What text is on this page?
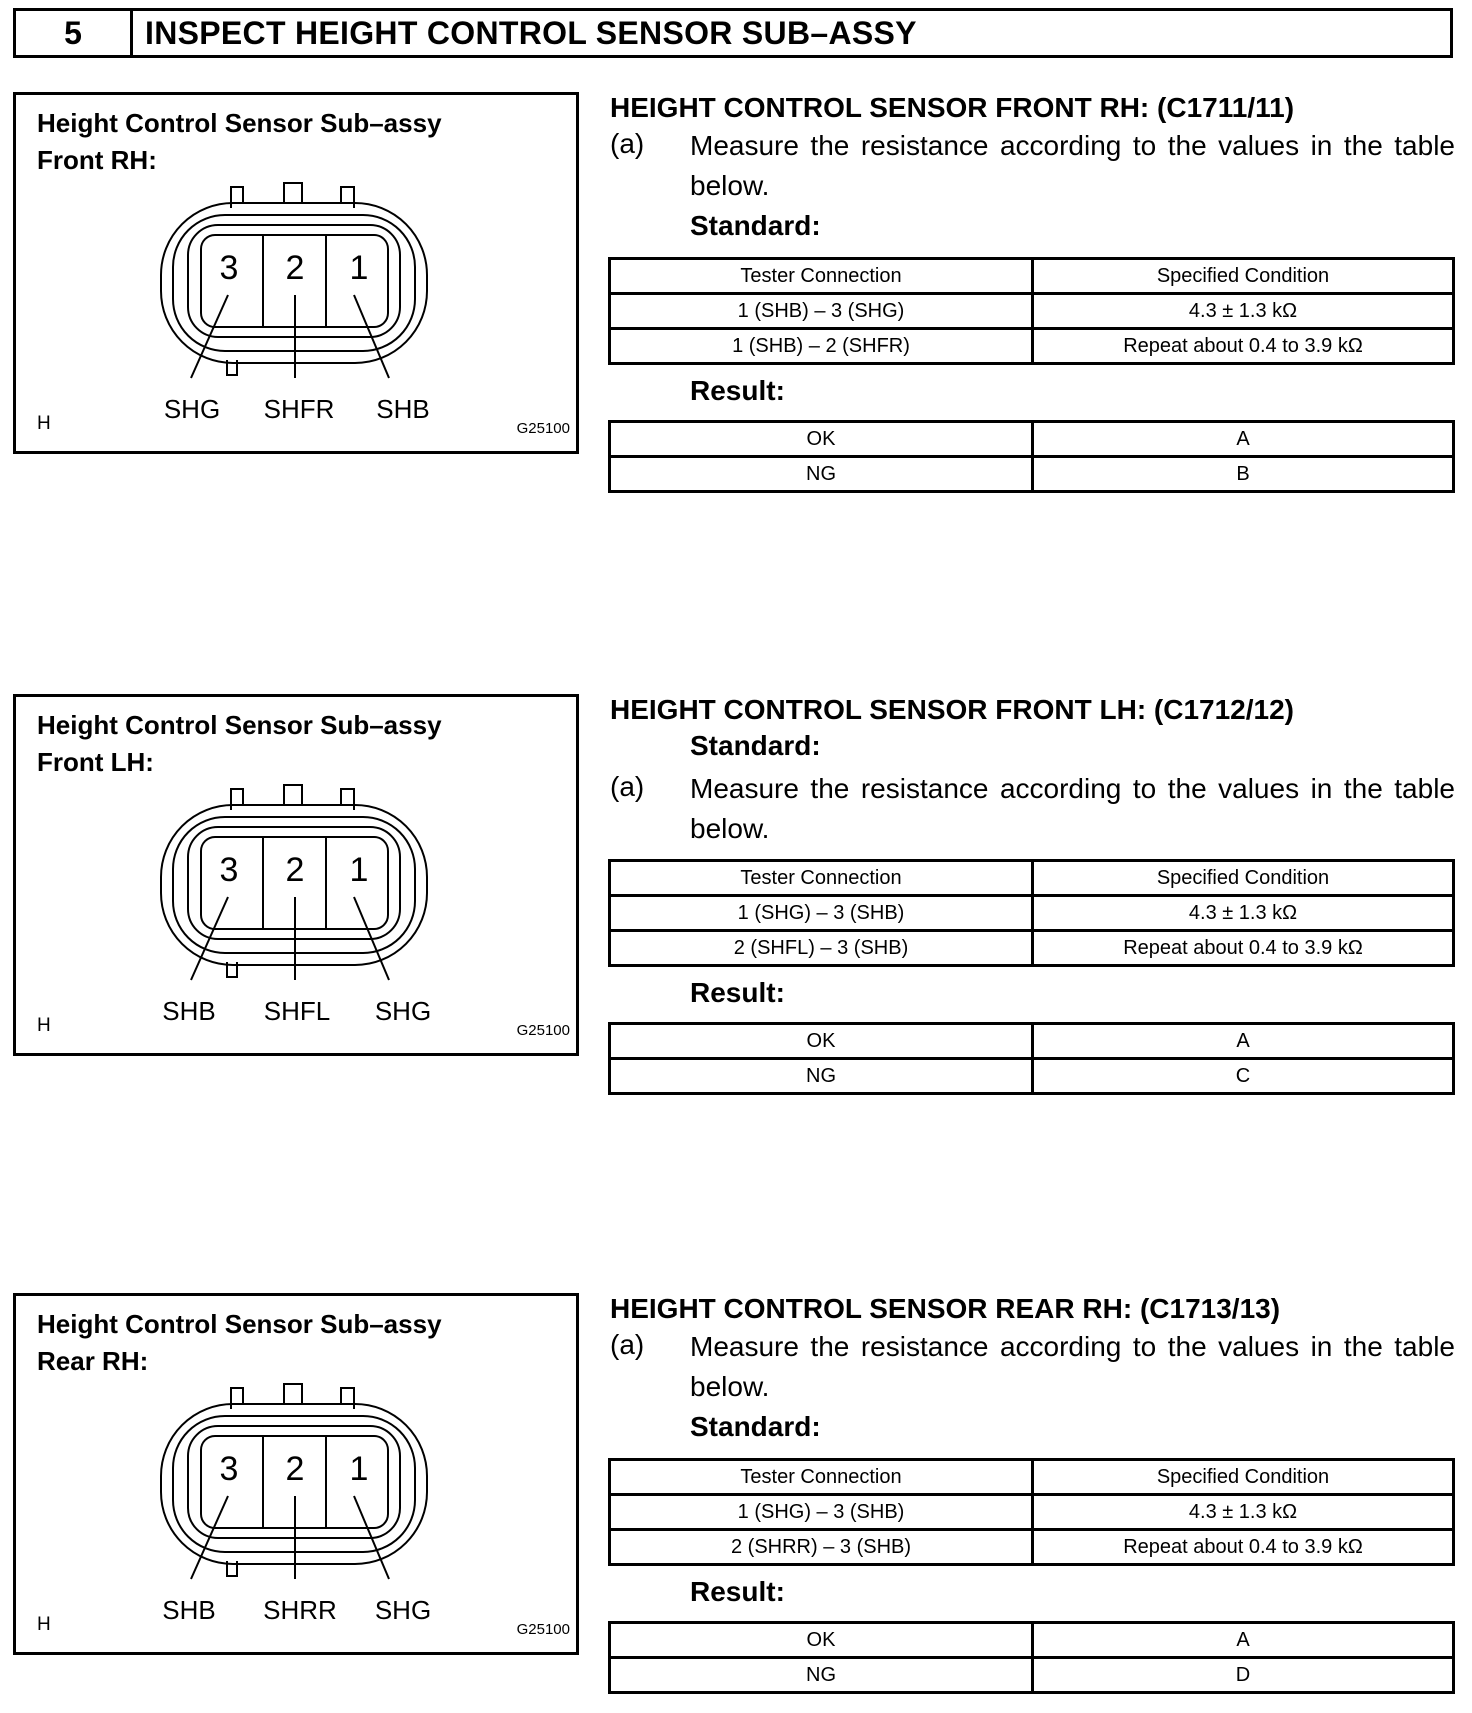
5	INSPECT HEIGHT CONTROL SENSOR SUB–ASSY
Height Control Sensor Sub–assy
Front RH:
3 2 1
SHG SHFR SHB
H	G25100
HEIGHT CONTROL SENSOR FRONT RH: (C1711/11)
(a) Measure the resistance according to the values in the table below.
Standard:
Tester Connection	Specified Condition
1 (SHB) – 3 (SHG)	4.3 ± 1.3 kΩ
1 (SHB) – 2 (SHFR)	Repeat about 0.4 to 3.9 kΩ
Result:
OK	A
NG	B
Height Control Sensor Sub–assy
Front LH:
3 2 1
SHB SHFL SHG
H	G25100
HEIGHT CONTROL SENSOR FRONT LH: (C1712/12)
Standard:
(a) Measure the resistance according to the values in the table below.
Tester Connection	Specified Condition
1 (SHG) – 3 (SHB)	4.3 ± 1.3 kΩ
2 (SHFL) – 3 (SHB)	Repeat about 0.4 to 3.9 kΩ
Result:
OK	A
NG	C
Height Control Sensor Sub–assy
Rear RH:
3 2 1
SHB SHRR SHG
H	G25100
HEIGHT CONTROL SENSOR REAR RH: (C1713/13)
(a) Measure the resistance according to the values in the table below.
Standard:
Tester Connection	Specified Condition
1 (SHG) – 3 (SHB)	4.3 ± 1.3 kΩ
2 (SHRR) – 3 (SHB)	Repeat about 0.4 to 3.9 kΩ
Result:
OK	A
NG	D
